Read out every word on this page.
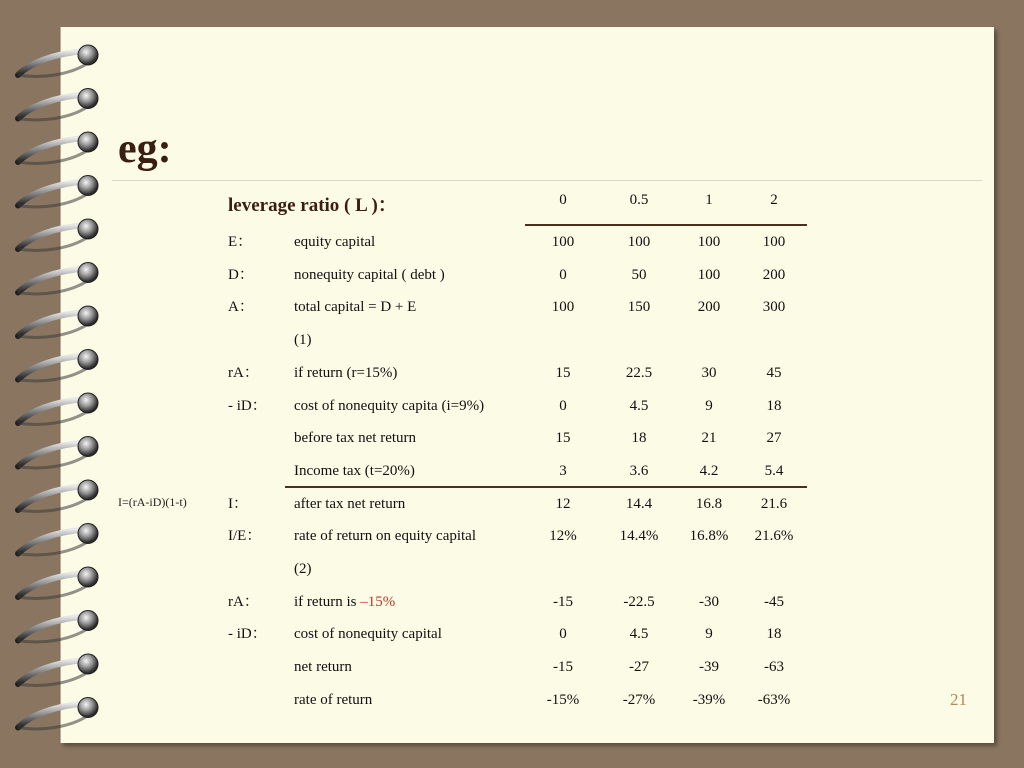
eg:
leverage ratio ( L )：	0	0.5	1	2
E：	equity capital	100	100	100	100
D：	nonequity capital ( debt )	0	50	100	200
A：	total capital = D + E	100	150	200	300
(1)
rA： if return (r=15%)	15	22.5	30	45
- iD： cost of nonequity capita (i=9%)	0	4.5	9	18
before tax net return	15	18	21	27
Income tax (t=20%)	3	3.6	4.2	5.4
I：	after tax net return	12	14.4	16.8	21.6
I/E： rate of return on equity capital	12%	14.4%	16.8%	21.6%
(2)
rA： if return is –15%	-15	-22.5	-30	-45
- iD： cost of nonequity capital	0	4.5	9	18
net return	-15	-27	-39	-63
rate of return	-15%	-27%	-39%	-63%
I=(rA-iD)(1-t)
21
